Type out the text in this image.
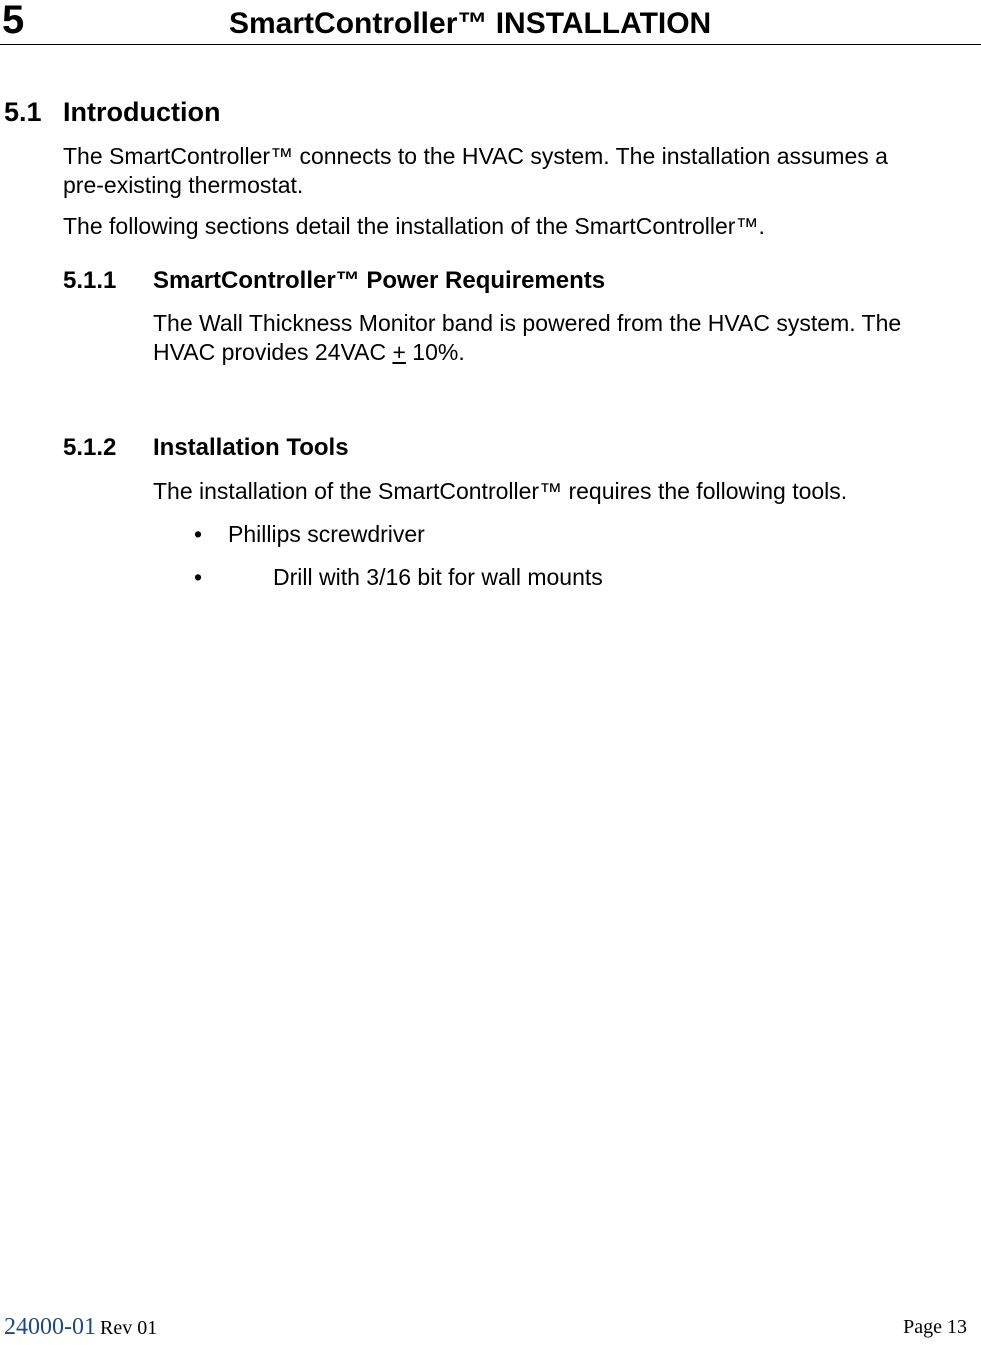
5	SmartController™ INSTALLATION
5.1 Introduction
The SmartController™ connects to the HVAC system. The installation assumes a
pre-existing thermostat.
The following sections detail the installation of the SmartController™.
5.1.1 SmartController™ Power Requirements
The Wall Thickness Monitor band is powered from the HVAC system. The
HVAC provides 24VAC + 10%.
5.1.2 Installation Tools
The installation of the SmartController™ requires the following tools.
• Phillips screwdriver
•	Drill with 3/16 bit for wall mounts
24000-01 Rev 01	Page 13
